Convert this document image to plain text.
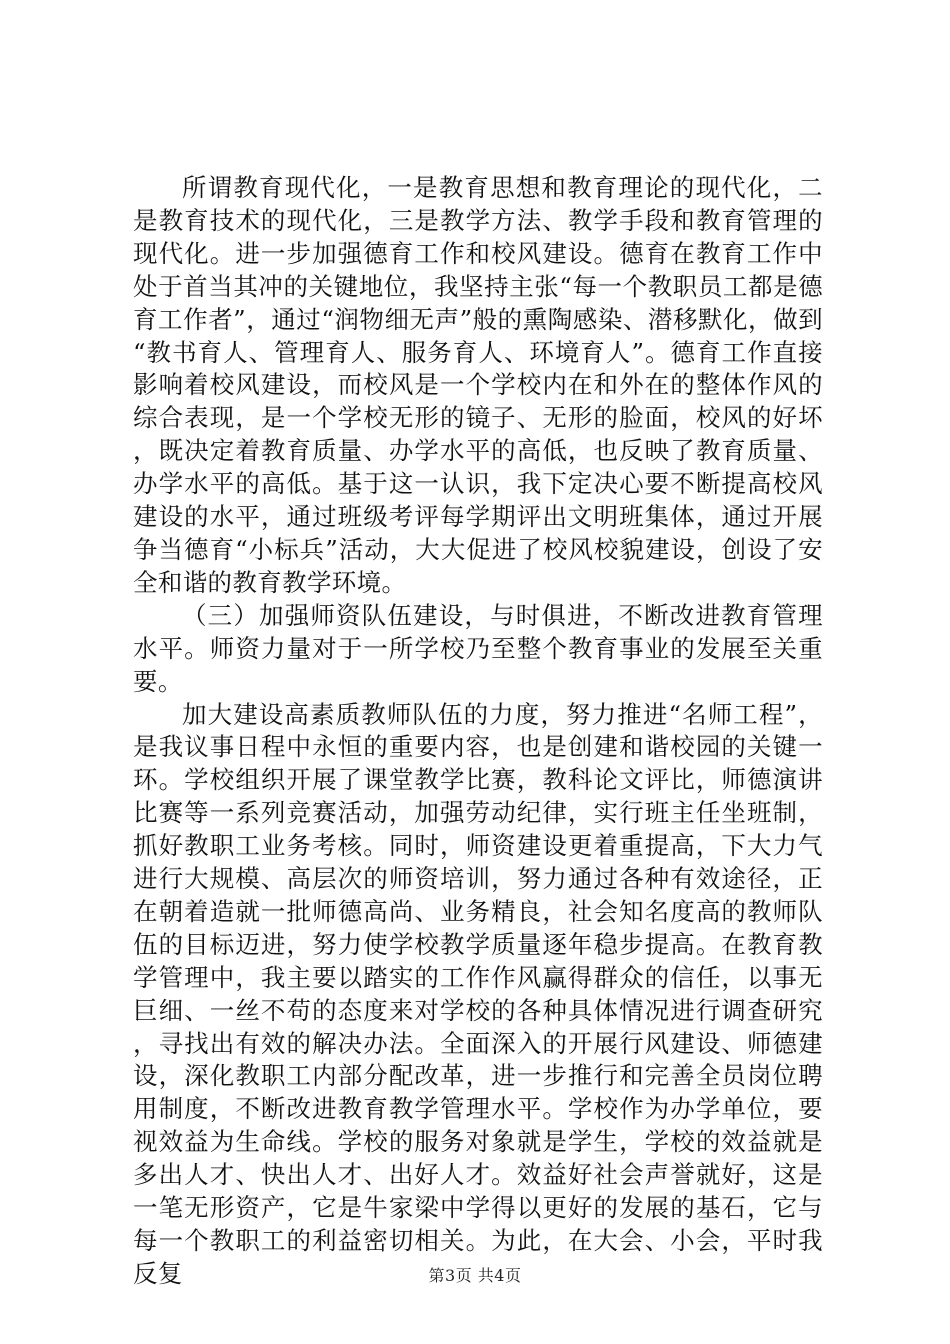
所谓教育现代化，一是教育思想和教育理论的现代化，二是教育技术的现代化，三是教学方法、教学手段和教育管理的现代化。进一步加强德育工作和校风建设。德育在教育工作中处于首当其冲的关键地位，我坚持主张“每一个教职员工都是德育工作者”，通过“润物细无声”般的熏陶感染、潜移默化，做到“教书育人、管理育人、服务育人、环境育人”。德育工作直接影响着校风建设，而校风是一个学校内在和外在的整体作风的综合表现，是一个学校无形的镜子、无形的脸面，校风的好坏，既决定着教育质量、办学水平的高低，也反映了教育质量、办学水平的高低。基于这一认识，我下定决心要不断提高校风建设的水平，通过班级考评每学期评出文明班集体，通过开展争当德育“小标兵”活动，大大促进了校风校貌建设，创设了安全和谐的教育教学环境。

（三）加强师资队伍建设，与时俱进，不断改进教育管理水平。师资力量对于一所学校乃至整个教育事业的发展至关重要。

加大建设高素质教师队伍的力度，努力推进“名师工程”，是我议事日程中永恒的重要内容，也是创建和谐校园的关键一环。学校组织开展了课堂教学比赛，教科论文评比，师德演讲比赛等一系列竞赛活动，加强劳动纪律，实行班主任坐班制，抓好教职工业务考核。同时，师资建设更着重提高，下大力气进行大规模、高层次的师资培训，努力通过各种有效途径，正在朝着造就一批师德高尚、业务精良，社会知名度高的教师队伍的目标迈进，努力使学校教学质量逐年稳步提高。在教育教学管理中，我主要以踏实的工作作风赢得群众的信任，以事无巨细、一丝不苟的态度来对学校的各种具体情况进行调查研究，寻找出有效的解决办法。全面深入的开展行风建设、师德建设，深化教职工内部分配改革，进一步推行和完善全员岗位聘用制度，不断改进教育教学管理水平。学校作为办学单位，要视效益为生命线。学校的服务对象就是学生，学校的效益就是多出人才、快出人才、出好人才。效益好社会声誉就好，这是一笔无形资产，它是牛家梁中学得以更好的发展的基石，它与每一个教职工的利益密切相关。为此，在大会、小会，平时我反复	第3页 共4页
